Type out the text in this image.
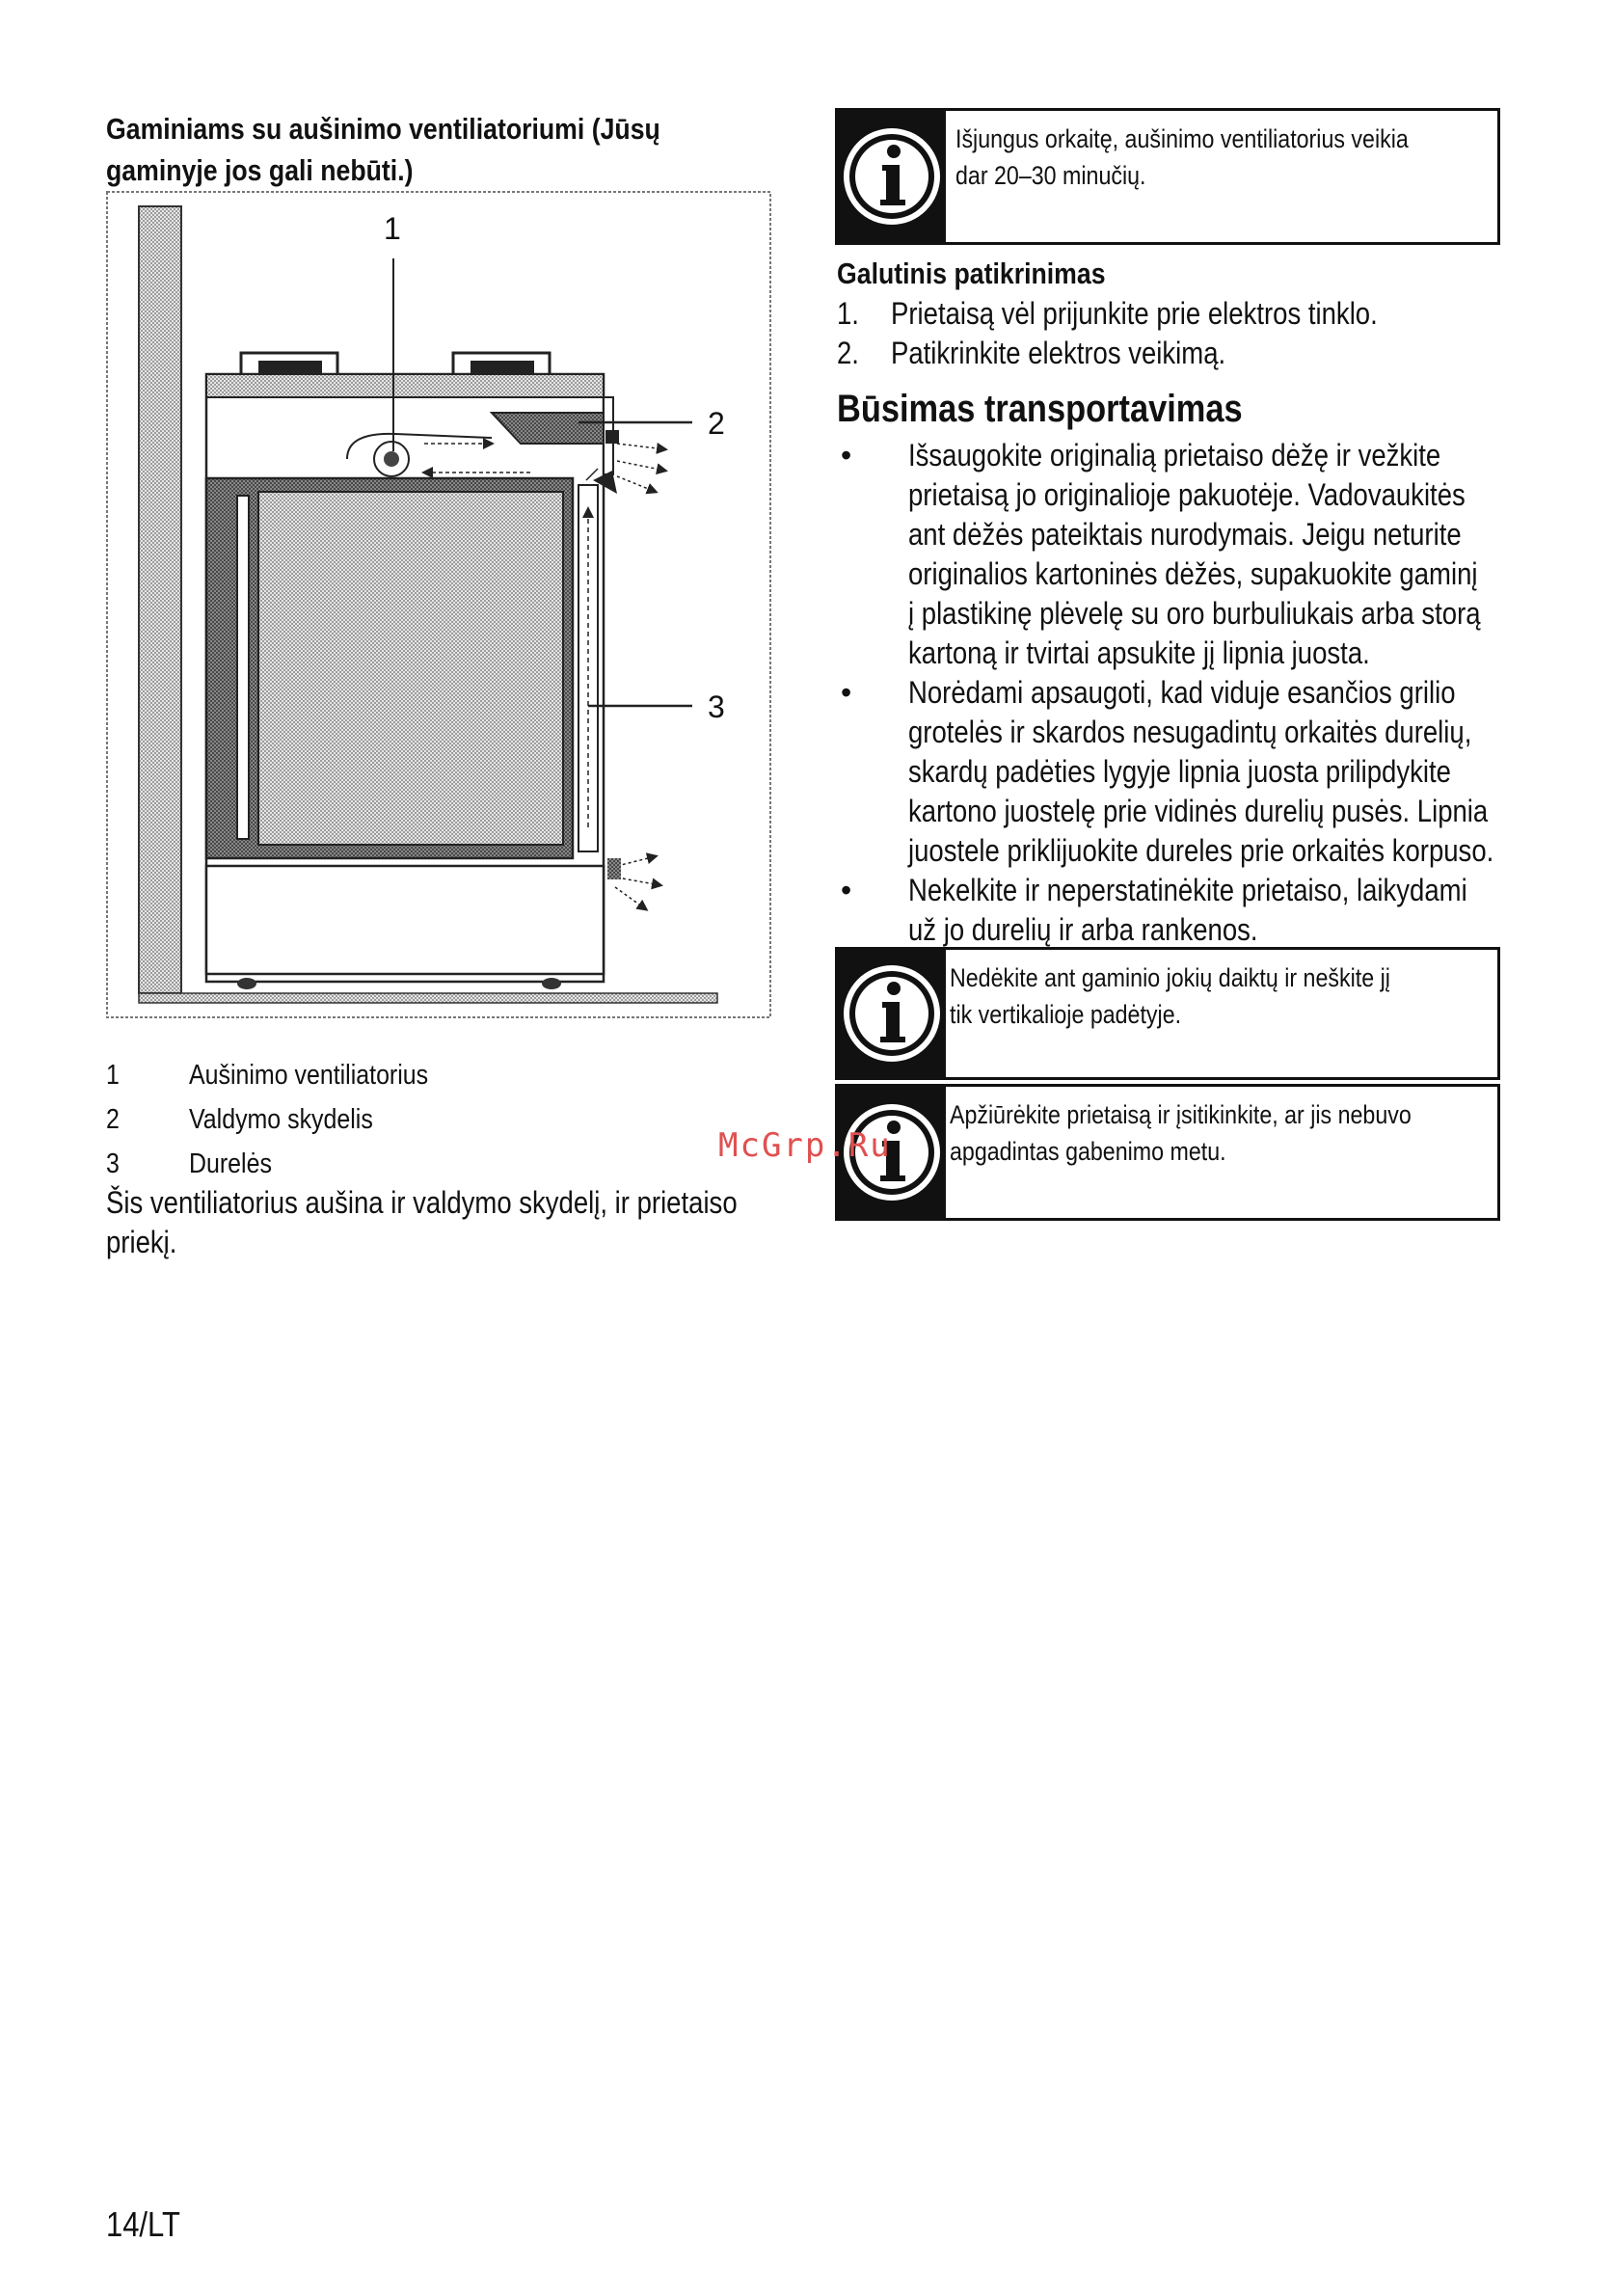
Gaminiams su aušinimo ventiliatoriumi (Jūsų

gaminyje jos gali nebūti.)

1
2
3
1 Aušinimo ventiliatorius
2 Valdymo skydelis
3 Durelės
Šis ventiliatorius aušina ir valdymo skydelį, ir prietaiso
priekį.
Išjungus orkaitę, aušinimo ventiliatorius veikia
dar 20–30 minučių.

Galutinis patikrinimas

1. Prietaisą vėl prijunkite prie elektros tinklo.
2. Patikrinkite elektros veikimą.

Būsimas transportavimas

• Išsaugokite originalią prietaiso dėžę ir vežkite
prietaisą jo originalioje pakuotėje. Vadovaukitės
ant dėžės pateiktais nurodymais. Jeigu neturite
originalios kartoninės dėžės, supakuokite gaminį
į plastikinę plėvelę su oro burbuliukais arba storą
kartoną ir tvirtai apsukite jį lipnia juosta.
• Norėdami apsaugoti, kad viduje esančios grilio
grotelės ir skardos nesugadintų orkaitės durelių,
skardų padėties lygyje lipnia juosta prilipdykite
kartono juostelę prie vidinės durelių pusės. Lipnia
juostele priklijuokite dureles prie orkaitės korpuso.
• Nekelkite ir neperstatinėkite prietaiso, laikydami
už jo durelių ir arba rankenos.
Nedėkite ant gaminio jokių daiktų ir neškite jį
tik vertikalioje padėtyje.
Apžiūrėkite prietaisą ir įsitikinkite, ar jis nebuvo
apgadintas gabenimo metu.
McGrp.Ru
14/LT
